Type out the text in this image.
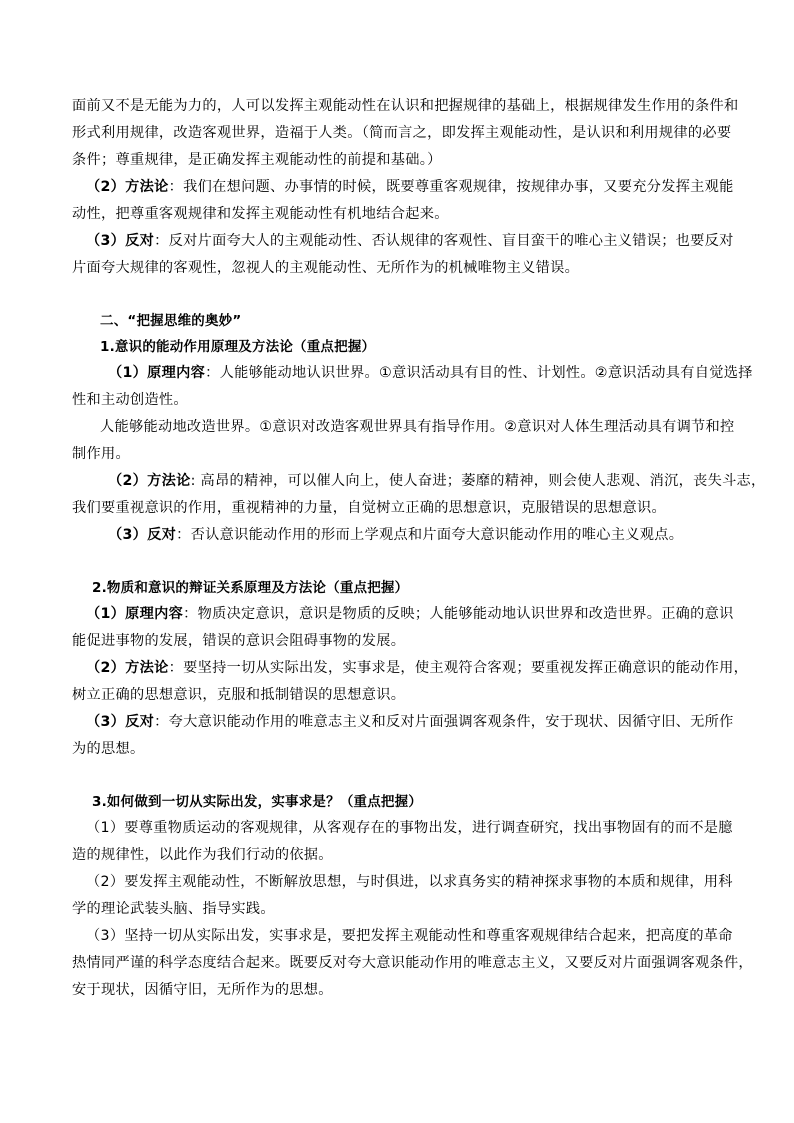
面前又不是无能为力的，人可以发挥主观能动性在认识和把握规律的基础上，根据规律发生作用的条件和
形式利用规律，改造客观世界，造福于人类。（简而言之，即发挥主观能动性，是认识和利用规律的必要
条件；尊重规律，是正确发挥主观能动性的前提和基础。）
（2）方法论：我们在想问题、办事情的时候，既要尊重客观规律，按规律办事，又要充分发挥主观能
动性，把尊重客观规律和发挥主观能动性有机地结合起来。
（3）反对：反对片面夸大人的主观能动性、否认规律的客观性、盲目蛮干的唯心主义错误；也要反对
片面夸大规律的客观性，忽视人的主观能动性、无所作为的机械唯物主义错误。
二、“把握思维的奥妙”
1.意识的能动作用原理及方法论（重点把握）
（1）原理内容：人能够能动地认识世界。①意识活动具有目的性、计划性。②意识活动具有自觉选择
性和主动创造性。
人能够能动地改造世界。①意识对改造客观世界具有指导作用。②意识对人体生理活动具有调节和控
制作用。
（2）方法论: 高昂的精神，可以催人向上，使人奋进；萎靡的精神，则会使人悲观、消沉，丧失斗志，
我们要重视意识的作用，重视精神的力量，自觉树立正确的思想意识，克服错误的思想意识。
（3）反对：否认意识能动作用的形而上学观点和片面夸大意识能动作用的唯心主义观点。
2.物质和意识的辩证关系原理及方法论（重点把握）
（1）原理内容：物质决定意识，意识是物质的反映；人能够能动地认识世界和改造世界。正确的意识
能促进事物的发展，错误的意识会阻碍事物的发展。
（2）方法论：要坚持一切从实际出发，实事求是，使主观符合客观；要重视发挥正确意识的能动作用，
树立正确的思想意识，克服和抵制错误的思想意识。
（3）反对：夸大意识能动作用的唯意志主义和反对片面强调客观条件，安于现状、因循守旧、无所作
为的思想。
3.如何做到一切从实际出发，实事求是？（重点把握）
（1）要尊重物质运动的客观规律，从客观存在的事物出发，进行调查研究，找出事物固有的而不是臆
造的规律性，以此作为我们行动的依据。
（2）要发挥主观能动性，不断解放思想，与时俱进，以求真务实的精神探求事物的本质和规律，用科
学的理论武装头脑、指导实践。
（3）坚持一切从实际出发，实事求是，要把发挥主观能动性和尊重客观规律结合起来，把高度的革命
热情同严谨的科学态度结合起来。既要反对夸大意识能动作用的唯意志主义，又要反对片面强调客观条件，
安于现状，因循守旧，无所作为的思想。
